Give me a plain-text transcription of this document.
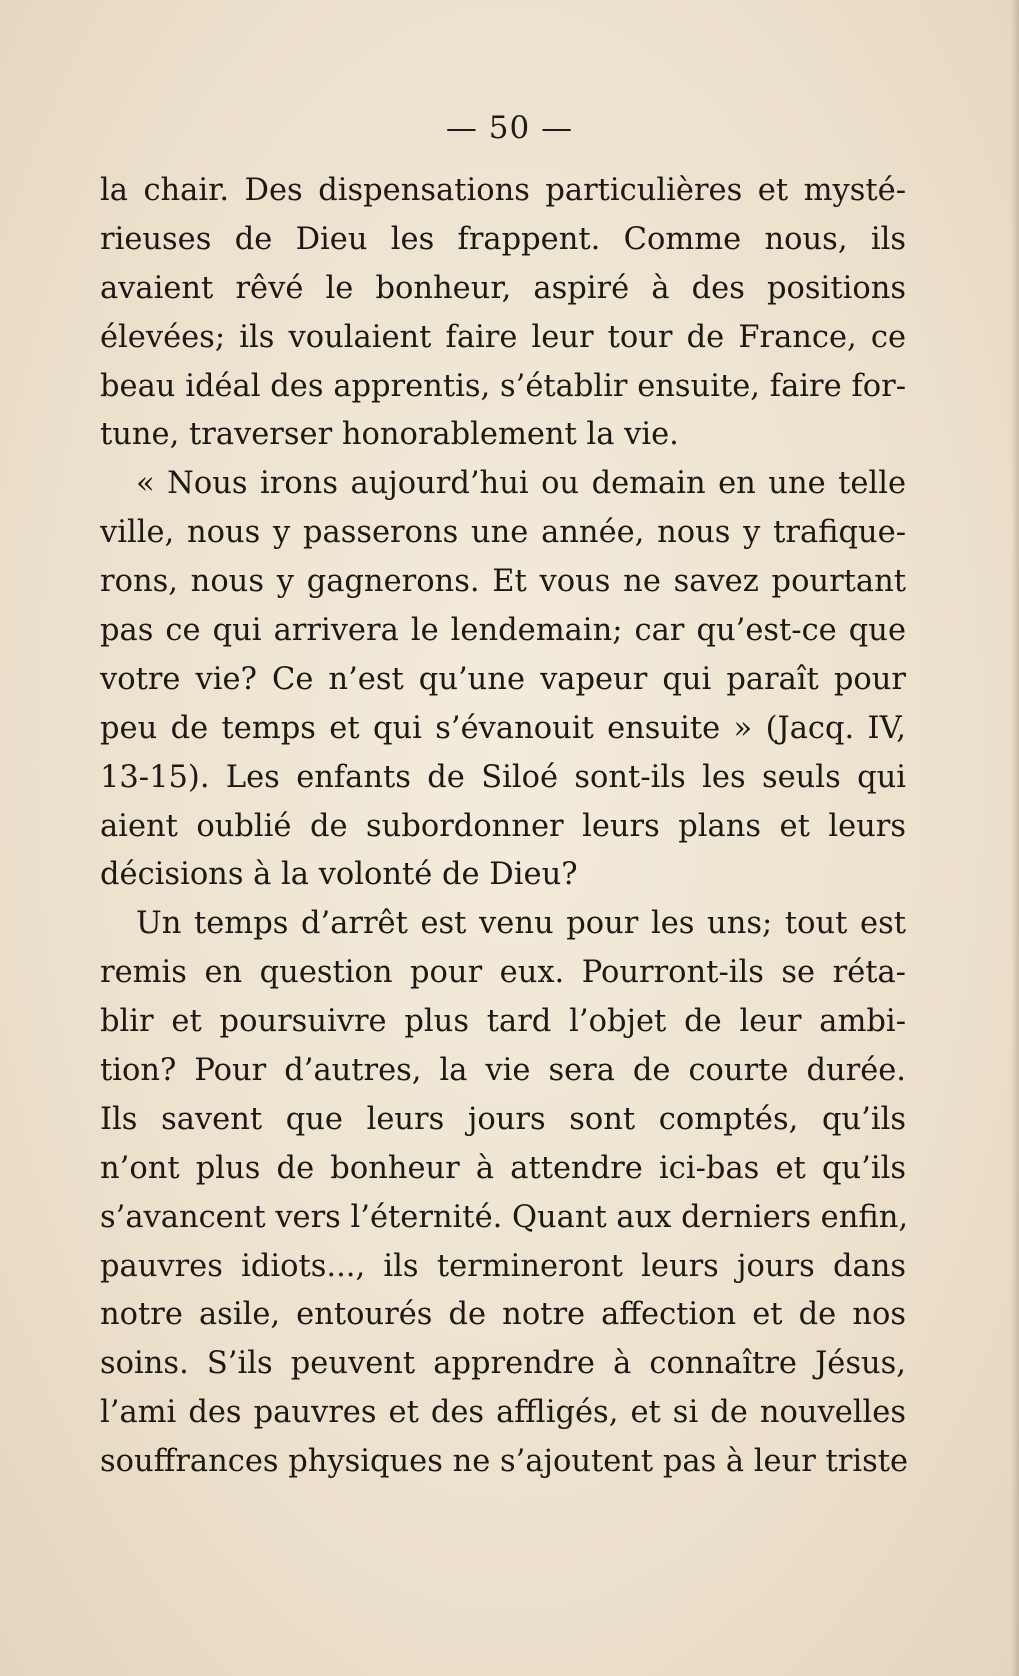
— 50 —
la chair. Des dispensations particulières et mysté-
rieuses de Dieu les frappent. Comme nous, ils
avaient rêvé le bonheur, aspiré à des positions
élevées; ils voulaient faire leur tour de France, ce
beau idéal des apprentis, s’établir ensuite, faire for-
tune, traverser honorablement la vie.
« Nous irons aujourd’hui ou demain en une telle
ville, nous y passerons une année, nous y trafique-
rons, nous y gagnerons. Et vous ne savez pourtant
pas ce qui arrivera le lendemain; car qu’est-ce que
votre vie? Ce n’est qu’une vapeur qui paraît pour
peu de temps et qui s’évanouit ensuite » (Jacq. IV,
13-15). Les enfants de Siloé sont-ils les seuls qui
aient oublié de subordonner leurs plans et leurs
décisions à la volonté de Dieu?
Un temps d’arrêt est venu pour les uns; tout est
remis en question pour eux. Pourront-ils se réta-
blir et poursuivre plus tard l’objet de leur ambi-
tion? Pour d’autres, la vie sera de courte durée.
Ils savent que leurs jours sont comptés, qu’ils
n’ont plus de bonheur à attendre ici-bas et qu’ils
s’avancent vers l’éternité. Quant aux derniers enfin,
pauvres idiots..., ils termineront leurs jours dans
notre asile, entourés de notre affection et de nos
soins. S’ils peuvent apprendre à connaître Jésus,
l’ami des pauvres et des affligés, et si de nouvelles
souffrances physiques ne s’ajoutent pas à leur triste
